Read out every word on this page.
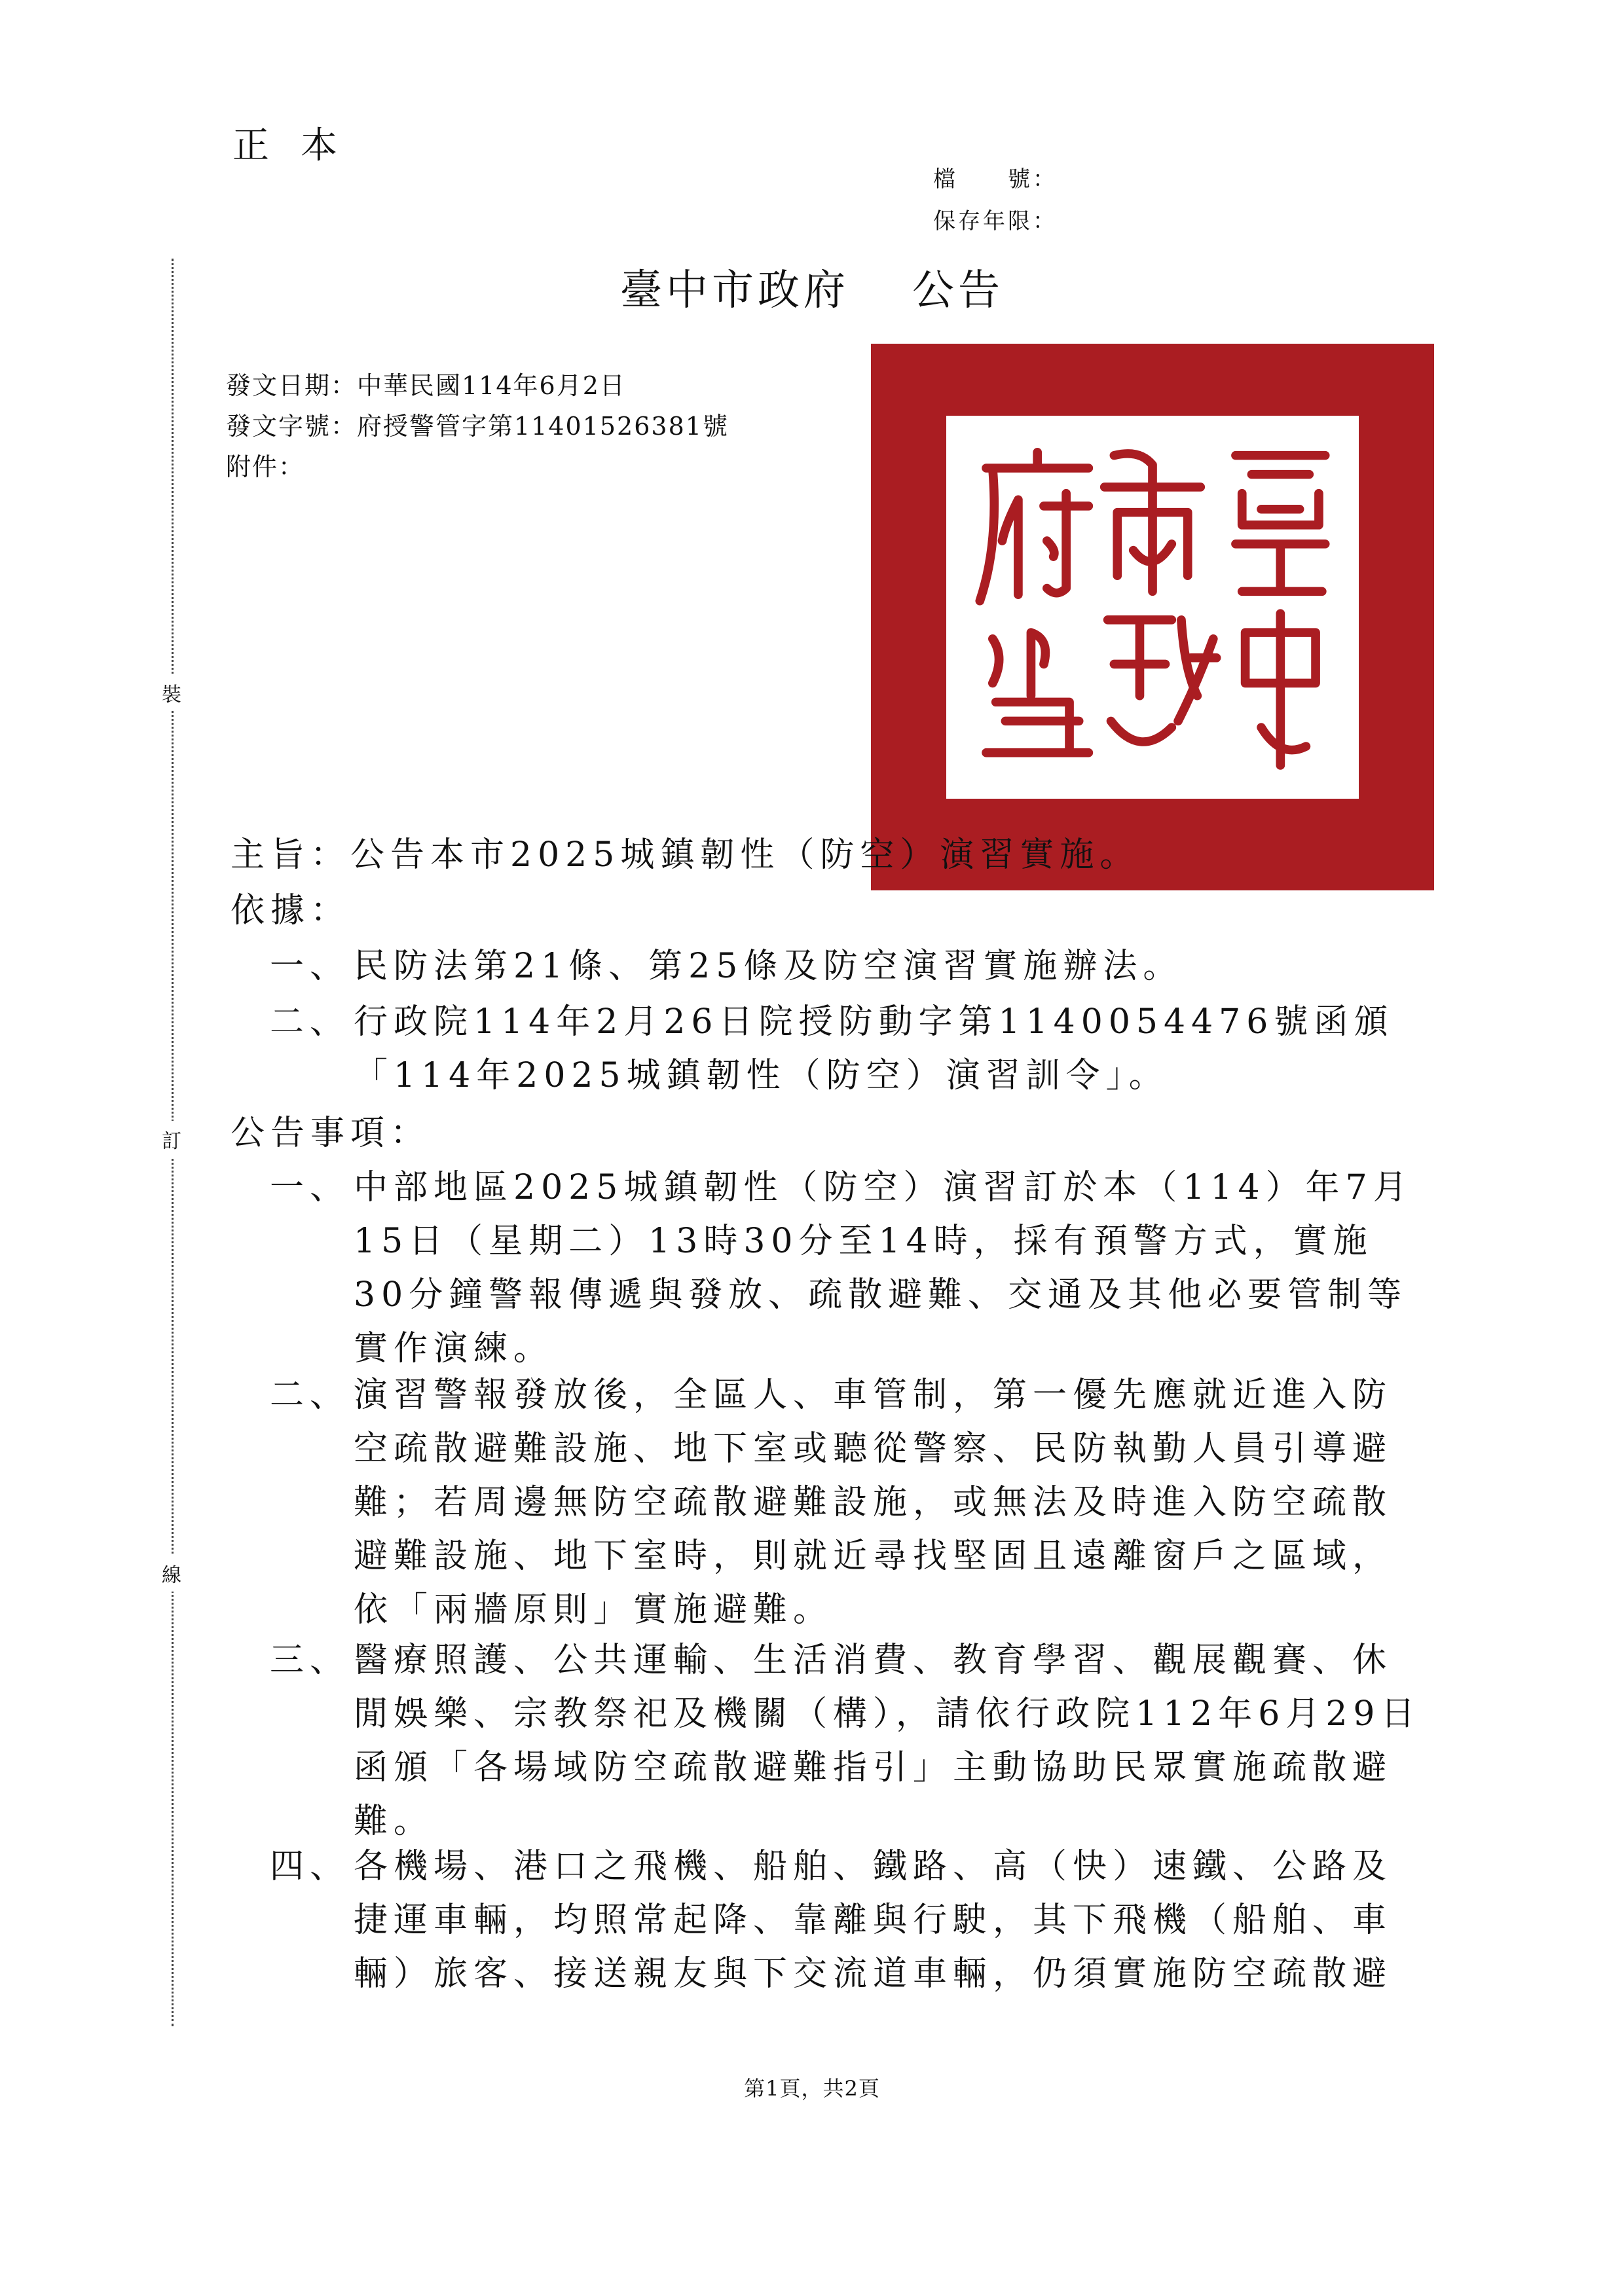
正本
檔　　號：
保存年限：
裝
訂
線
臺中市政府 公告
發文日期：中華民國114年6月2日
發文字號：府授警管字第11401526381號
附件：
主旨： 公告本市2025城鎮韌性（防空）演習實施。
依據：
一、 民防法第21條、第25條及防空演習實施辦法。
二、 行政院114年2月26日院授防動字第1140054476號函頒「114年2025城鎮韌性（防空）演習訓令」。
公告事項：
一、 中部地區2025城鎮韌性（防空）演習訂於本（114）年7月15日（星期二）13時30分至14時，採有預警方式，實施30分鐘警報傳遞與發放、疏散避難、交通及其他必要管制等實作演練。
二、 演習警報發放後，全區人、車管制，第一優先應就近進入防空疏散避難設施、地下室或聽從警察、民防執勤人員引導避難；若周邊無防空疏散避難設施，或無法及時進入防空疏散避難設施、地下室時，則就近尋找堅固且遠離窗戶之區域，依「兩牆原則」實施避難。
三、 醫療照護、公共運輸、生活消費、教育學習、觀展觀賽、休閒娛樂、宗教祭祀及機關（構），請依行政院112年6月29日函頒「各場域防空疏散避難指引」主動協助民眾實施疏散避難。
四、 各機場、港口之飛機、船舶、鐵路、高（快）速鐵、公路及捷運車輛，均照常起降、靠離與行駛，其下飛機（船舶、車輛）旅客、接送親友與下交流道車輛，仍須實施防空疏散避
第1頁，共2頁
